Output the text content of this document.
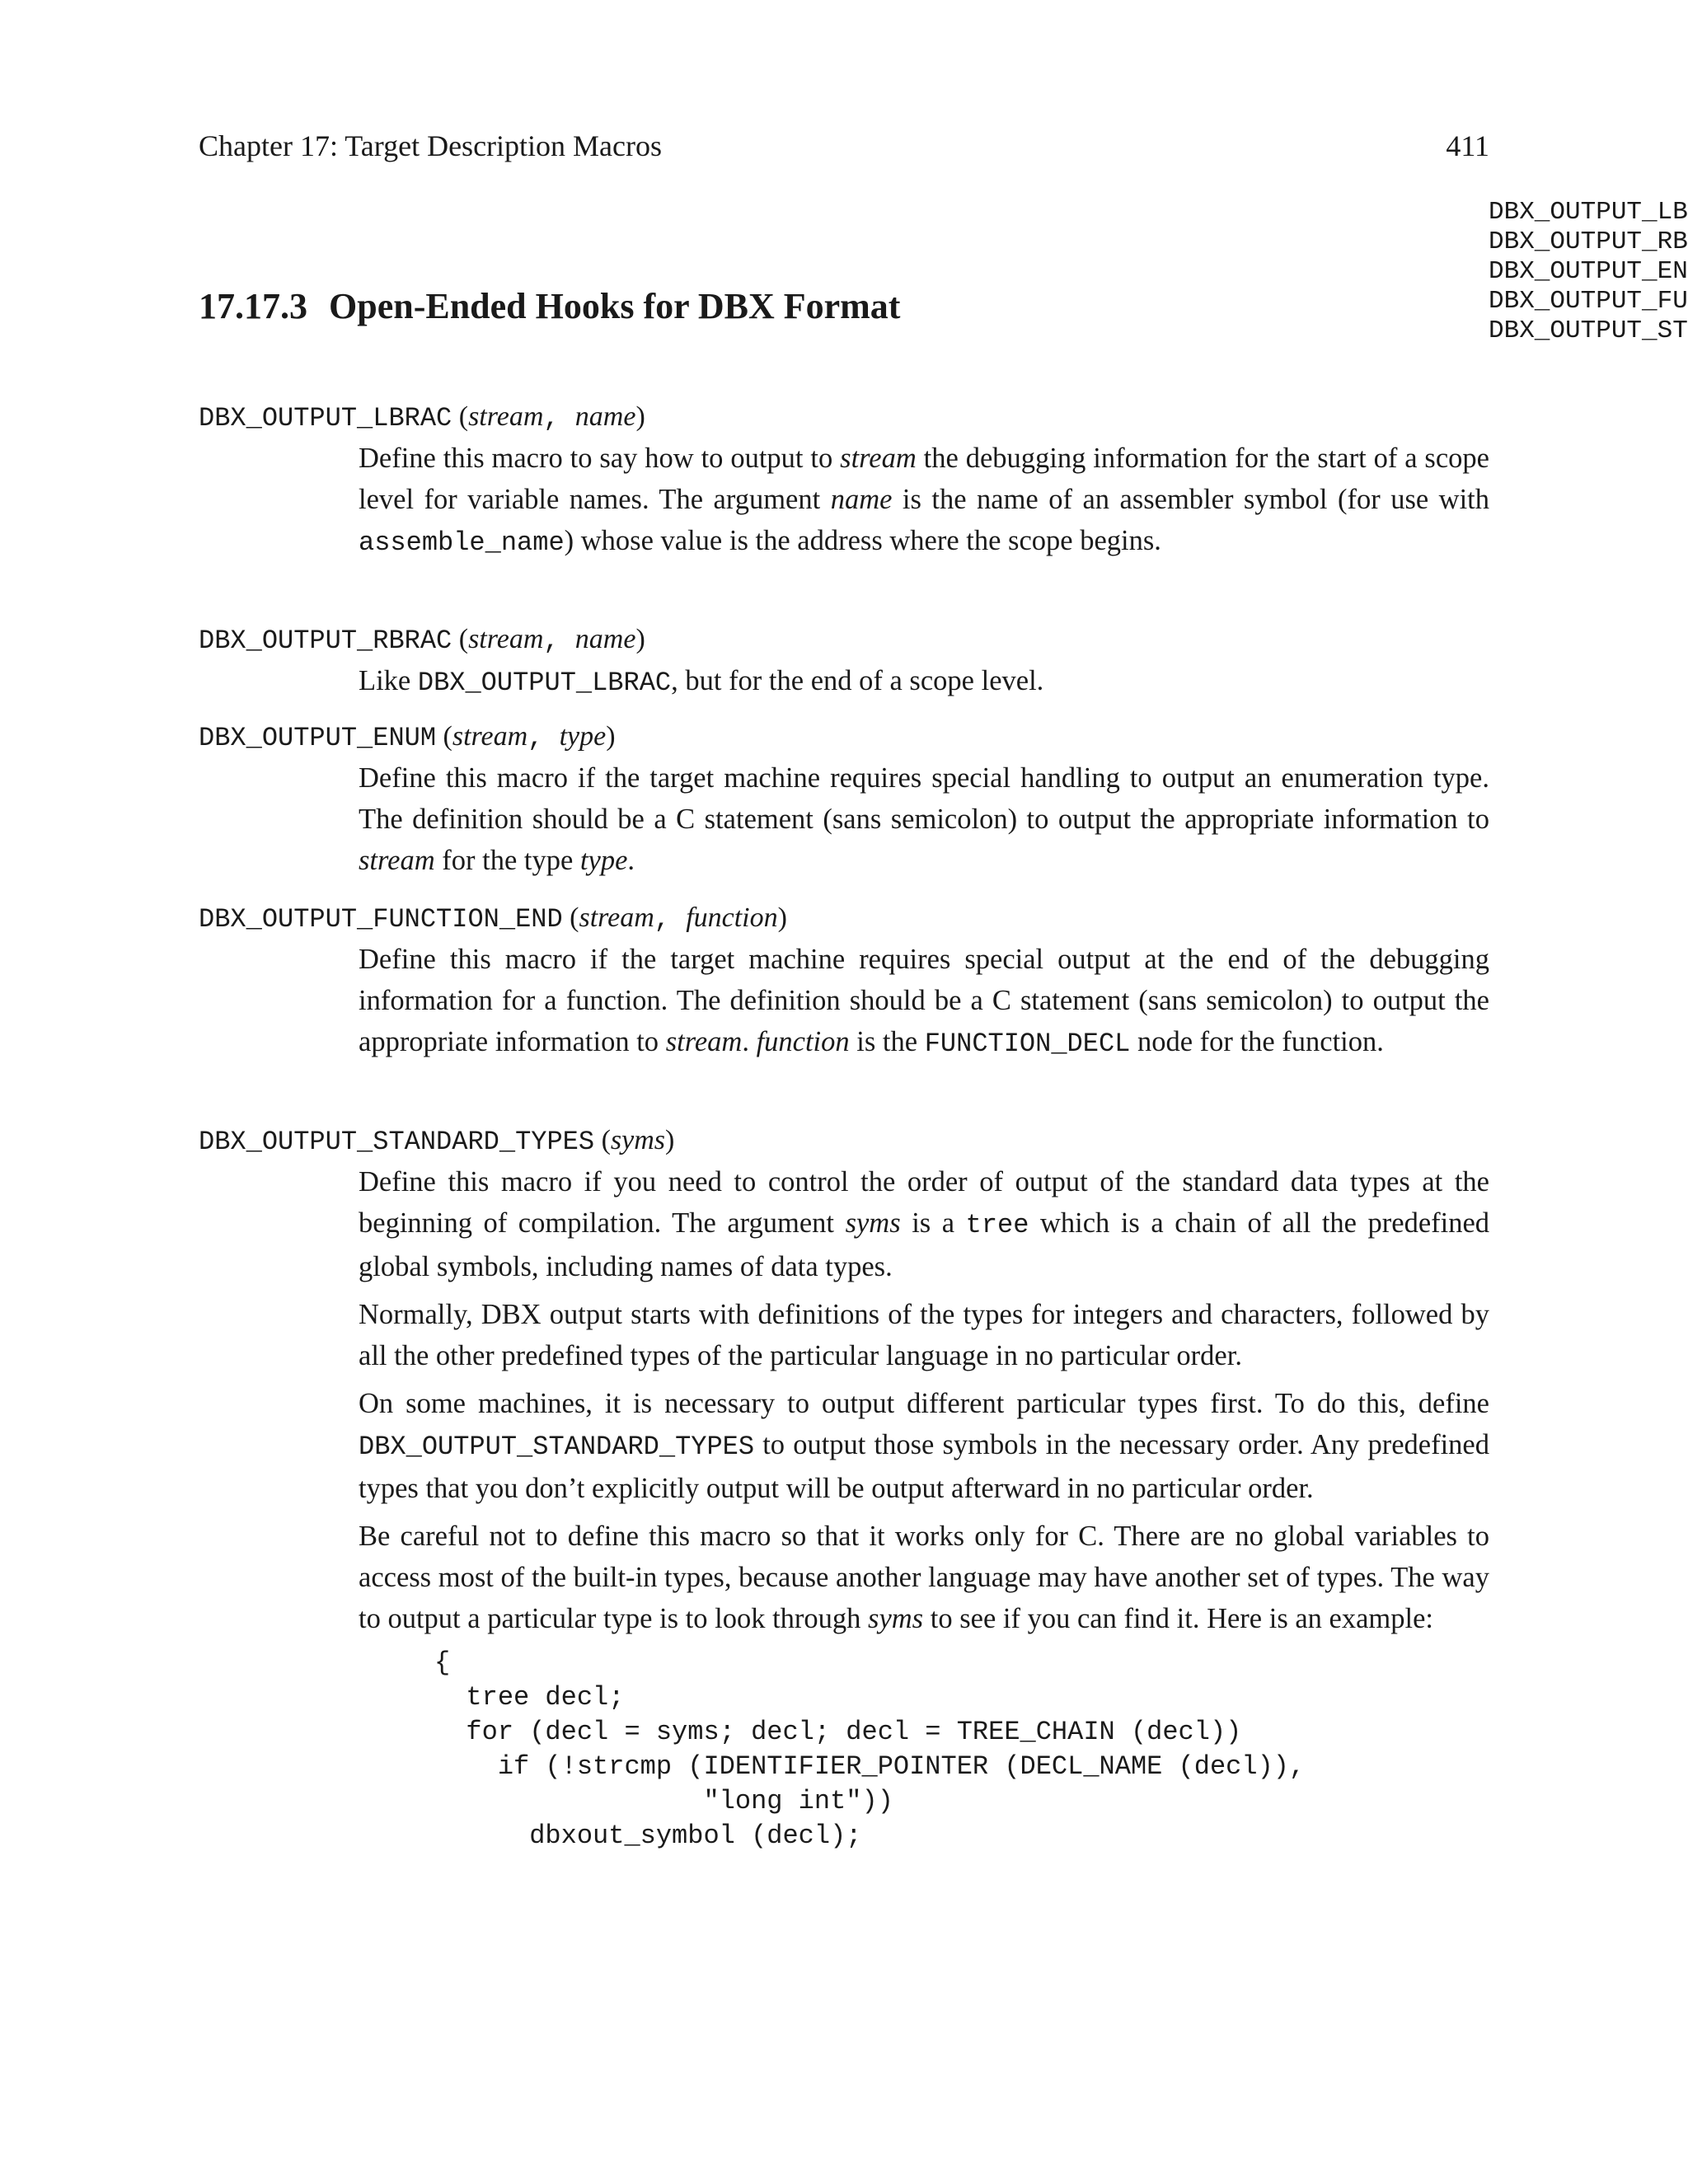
Chapter 17: Target Description Macros	411
DBX_OUTPUT_LB
DBX_OUTPUT_RB
DBX_OUTPUT_EN
DBX_OUTPUT_FU
DBX_OUTPUT_ST
17.17.3 Open-Ended Hooks for DBX Format
DBX_OUTPUT_LBRAC (stream, name)

Define this macro to say how to output to stream the debugging information for the start of a scope level for variable names. The argument name is the name of an assembler symbol (for use with assemble_name) whose value is the address where the scope begins.

DBX_OUTPUT_RBRAC (stream, name)

Like DBX_OUTPUT_LBRAC, but for the end of a scope level.

DBX_OUTPUT_ENUM (stream, type)

Define this macro if the target machine requires special handling to output an enumeration type. The definition should be a C statement (sans semicolon) to output the appropriate information to stream for the type type.

DBX_OUTPUT_FUNCTION_END (stream, function)

Define this macro if the target machine requires special output at the end of the debugging information for a function. The definition should be a C statement (sans semicolon) to output the appropriate information to stream. function is the FUNCTION_DECL node for the function.

DBX_OUTPUT_STANDARD_TYPES (syms)

Define this macro if you need to control the order of output of the standard data types at the beginning of compilation. The argument syms is a tree which is a chain of all the predefined global symbols, including names of data types.

Normally, DBX output starts with definitions of the types for integers and characters, followed by all the other predefined types of the particular language in no particular order.

On some machines, it is necessary to output different particular types first. To do this, define DBX_OUTPUT_STANDARD_TYPES to output those symbols in the necessary order. Any predefined types that you don’t explicitly output will be output afterward in no particular order.

Be careful not to define this macro so that it works only for C. There are no global variables to access most of the built-in types, because another language may have another set of types. The way to output a particular type is to look through syms to see if you can find it. Here is an example:

{
tree decl;
for (decl = syms; decl; decl = TREE_CHAIN (decl))
if (!strcmp (IDENTIFIER_POINTER (DECL_NAME (decl)),
"long int"))
dbxout_symbol (decl);
